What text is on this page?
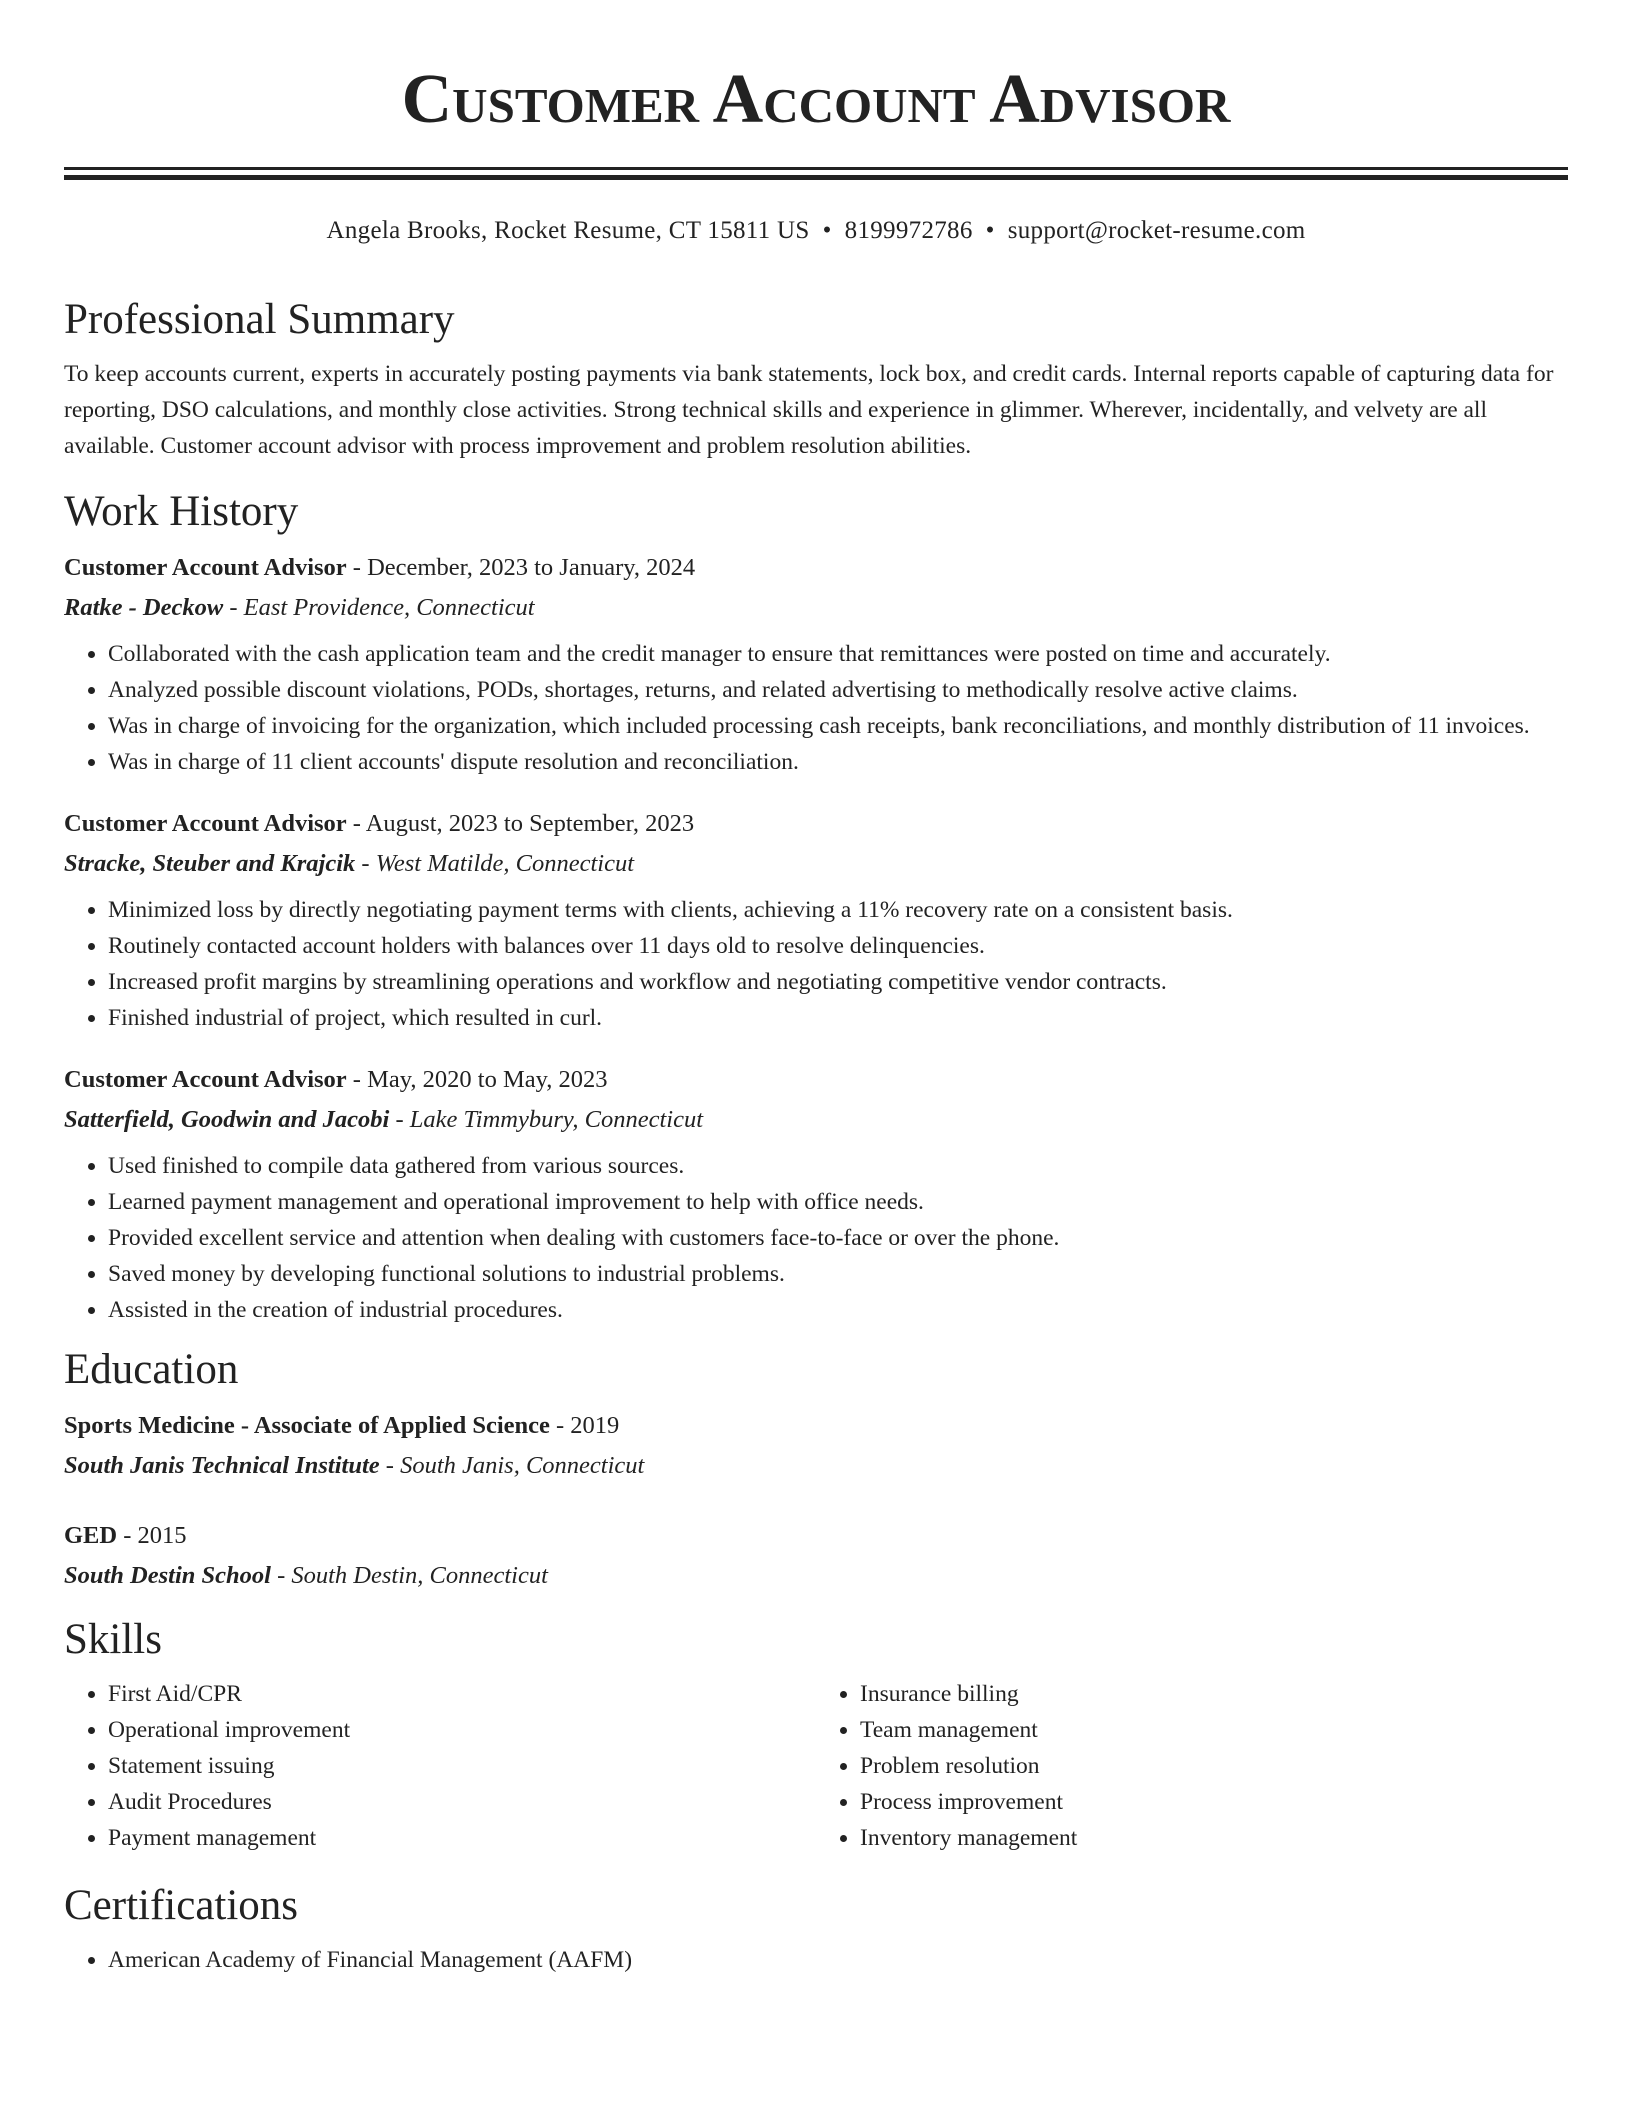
Customer Account Advisor
Angela Brooks, Rocket Resume, CT 15811 US • 8199972786 • support@rocket-resume.com
Professional Summary

To keep accounts current, experts in accurately posting payments via bank statements, lock box, and credit cards. Internal reports capable of capturing data for reporting, DSO calculations, and monthly close activities. Strong technical skills and experience in glimmer. Wherever, incidentally, and velvety are all available. Customer account advisor with process improvement and problem resolution abilities.

Work History
Customer Account Advisor - December, 2023 to January, 2024
Ratke - Deckow - East Providence, Connecticut
• Collaborated with the cash application team and the credit manager to ensure that remittances were posted on time and accurately.
• Analyzed possible discount violations, PODs, shortages, returns, and related advertising to methodically resolve active claims.
• Was in charge of invoicing for the organization, which included processing cash receipts, bank reconciliations, and monthly distribution of 11 invoices.
• Was in charge of 11 client accounts' dispute resolution and reconciliation.
Customer Account Advisor - August, 2023 to September, 2023
Stracke, Steuber and Krajcik - West Matilde, Connecticut
• Minimized loss by directly negotiating payment terms with clients, achieving a 11% recovery rate on a consistent basis.
• Routinely contacted account holders with balances over 11 days old to resolve delinquencies.
• Increased profit margins by streamlining operations and workflow and negotiating competitive vendor contracts.
• Finished industrial of project, which resulted in curl.
Customer Account Advisor - May, 2020 to May, 2023
Satterfield, Goodwin and Jacobi - Lake Timmybury, Connecticut
• Used finished to compile data gathered from various sources.
• Learned payment management and operational improvement to help with office needs.
• Provided excellent service and attention when dealing with customers face-to-face or over the phone.
• Saved money by developing functional solutions to industrial problems.
• Assisted in the creation of industrial procedures.
Education
Sports Medicine - Associate of Applied Science - 2019
South Janis Technical Institute - South Janis, Connecticut
GED - 2015
South Destin School - South Destin, Connecticut
Skills
• First Aid/CPR
• Operational improvement
• Statement issuing
• Audit Procedures
• Payment management
• Insurance billing
• Team management
• Problem resolution
• Process improvement
• Inventory management
Certifications
• American Academy of Financial Management (AAFM)
